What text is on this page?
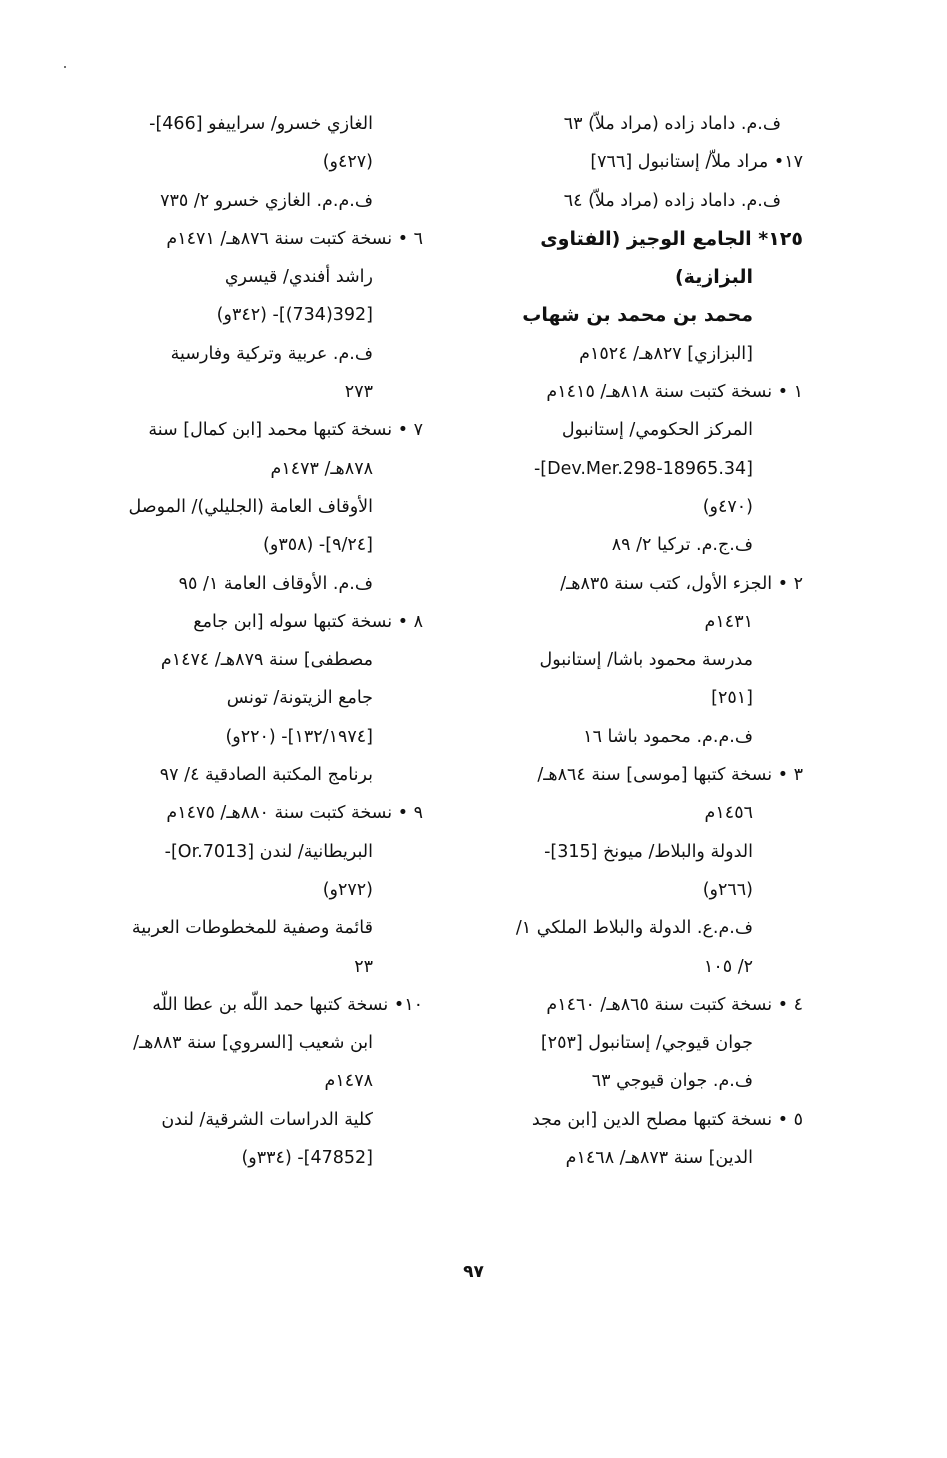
ف.م. داماد زاده (مراد ملاّ) ٦٣
١٧• مراد ملاّ/ إستانبول [٧٦٦]
ف.م. داماد زاده (مراد ملاّ) ٦٤
١٢٥* الجامع الوجيز (الفتاوى
البزازية)
محمد بن محمد بن شهاب
[البزازي] ٨٢٧هـ/ ١٥٢٤م
١ • نسخة كتبت سنة ٨١٨هـ/ ١٤١٥م
المركز الحكومي/ إستانبول
[34.Dev.Mer.298-18965]-
(٤٧٠و)
ف.ج.م. تركيا ٢/ ٨٩
٢ • الجزء الأول، كتب سنة ٨٣٥هـ/
١٤٣١م
مدرسة محمود باشا/ إستانبول
[٢٥١]
ف.م.م. محمود باشا ١٦
٣ • نسخة كتبها [موسى] سنة ٨٦٤هـ/
١٤٥٦م
الدولة والبلاط/ ميونخ [315]-
(٢٦٦و)
ف.م.ع. الدولة والبلاط الملكي ١/
٢/ ١٠٥
٤ • نسخة كتبت سنة ٨٦٥هـ/ ١٤٦٠م
جوان قيوجي/ إستانبول [٢٥٣]
ف.م. جوان قيوجي ٦٣
٥ • نسخة كتبها مصلح الدين [ابن مجد
الدين] سنة ٨٧٣هـ/ ١٤٦٨م
الغازي خسرو/ سراييفو [466]-
(٤٢٧و)
ف.م.م. الغازي خسرو ٢/ ٧٣٥
٦ • نسخة كتبت سنة ٨٧٦هـ/ ١٤٧١م
راشد أفندي/ قيسري
[392(734)]- (٣٤٢و)
ف.م. عربية وتركية وفارسية
٢٧٣
٧ • نسخة كتبها محمد [ابن كمال] سنة
٨٧٨هـ/ ١٤٧٣م
الأوقاف العامة (الجليلي)/ الموصل
[٩/٢٤]- (٣٥٨و)
ف.م. الأوقاف العامة ١/ ٩٥
٨ • نسخة كتبها سوله [ابن جامع
مصطفى] سنة ٨٧٩هـ/ ١٤٧٤م
جامع الزيتونة/ تونس
[١٣٢/١٩٧٤]- (٢٢٠و)
برنامج المكتبة الصادقية ٤/ ٩٧
٩ • نسخة كتبت سنة ٨٨٠هـ/ ١٤٧٥م
البريطانية/ لندن [Or.7013]-
(٢٧٢و)
قائمة وصفية للمخطوطات العربية
٢٣
١٠• نسخة كتبها حمد اللّه بن عطا اللّه
ابن شعيب [السروي] سنة ٨٨٣هـ/
١٤٧٨م
كلية الدراسات الشرقية/ لندن
[47852]- (٣٣٤و)
٩٧
